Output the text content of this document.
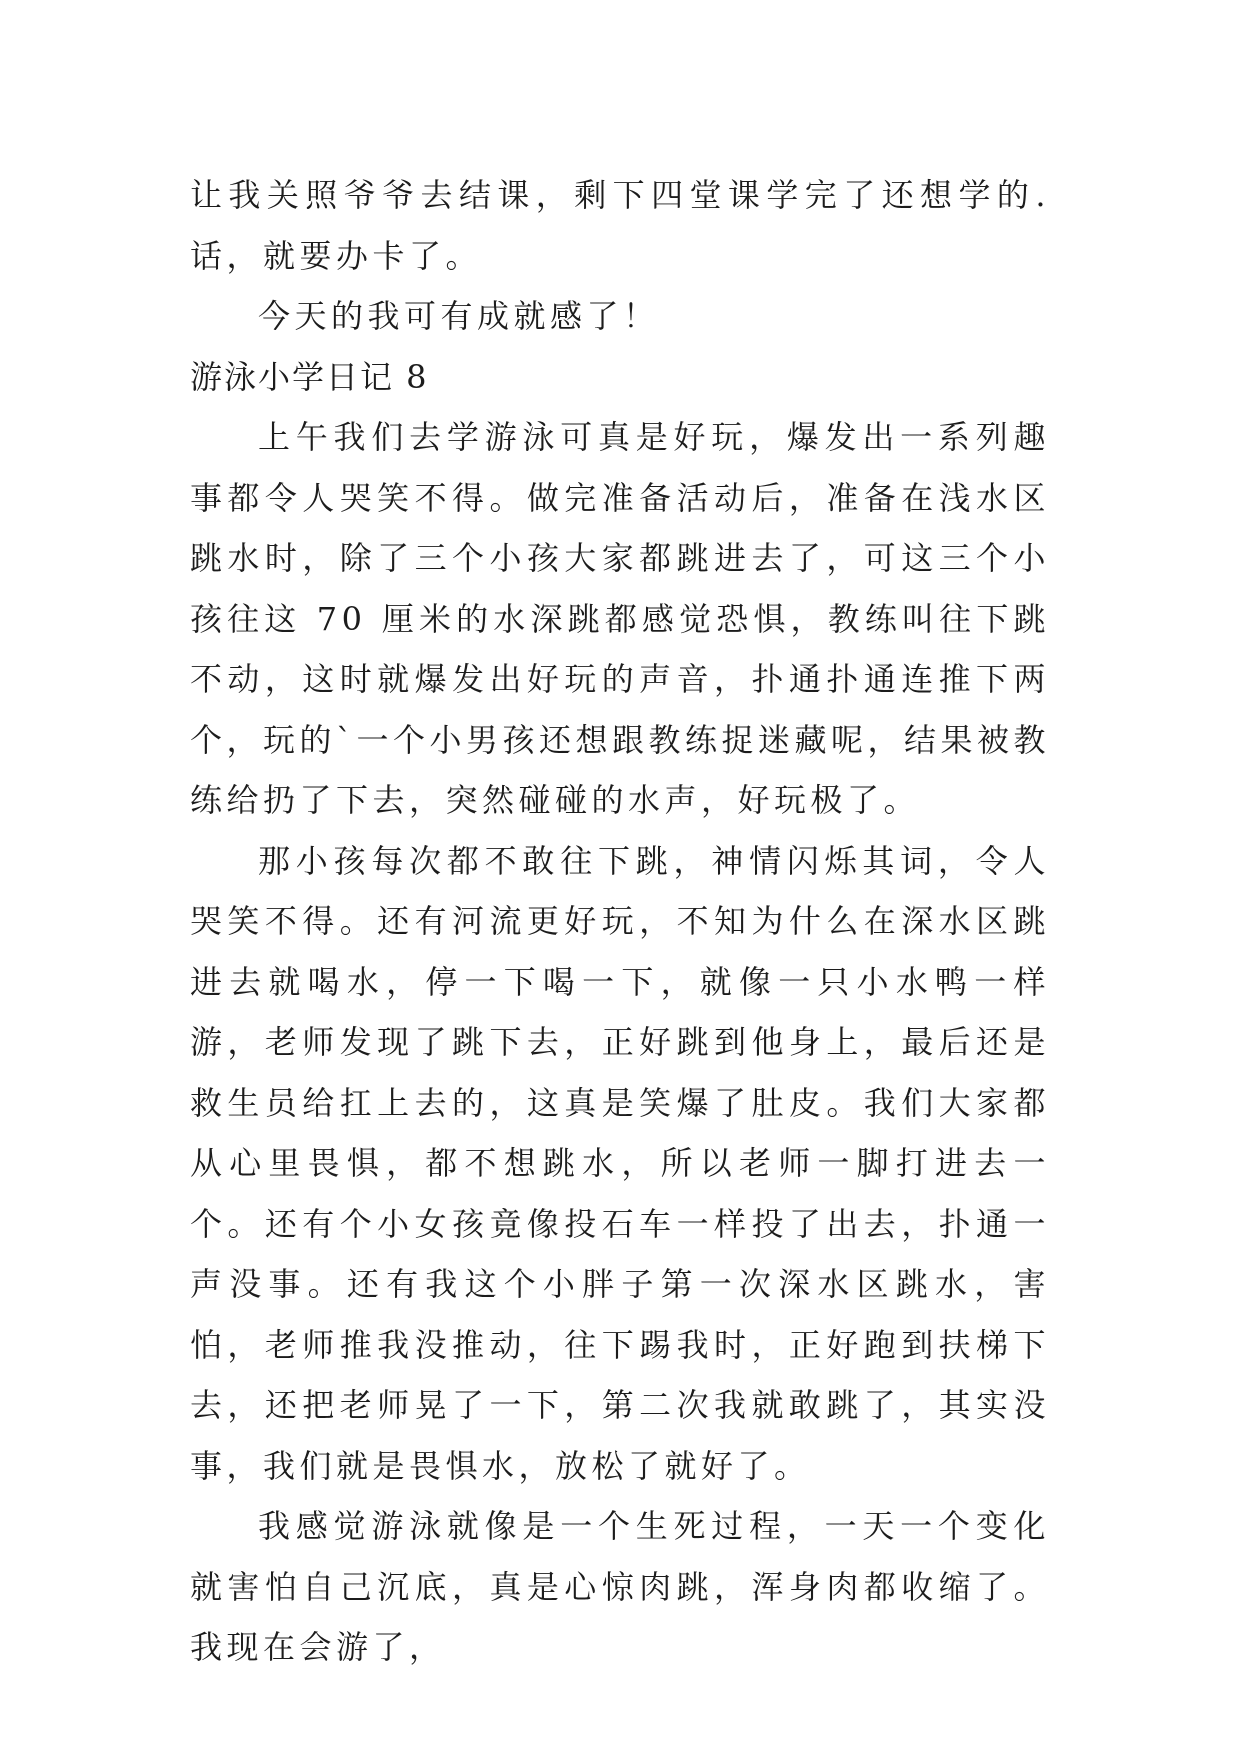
让我关照爷爷去结课，剩下四堂课学完了还想学的.话，就要办卡了。

今天的我可有成就感了！

游泳小学日记 8

上午我们去学游泳可真是好玩，爆发出一系列趣事都令人哭笑不得。做完准备活动后，准备在浅水区跳水时，除了三个小孩大家都跳进去了，可这三个小孩往这 70 厘米的水深跳都感觉恐惧，教练叫往下跳不动，这时就爆发出好玩的声音，扑通扑通连推下两个，玩的`一个小男孩还想跟教练捉迷藏呢，结果被教练给扔了下去，突然碰碰的水声，好玩极了。

那小孩每次都不敢往下跳，神情闪烁其词，令人哭笑不得。还有河流更好玩，不知为什么在深水区跳进去就喝水，停一下喝一下，就像一只小水鸭一样游，老师发现了跳下去，正好跳到他身上，最后还是救生员给扛上去的，这真是笑爆了肚皮。我们大家都从心里畏惧，都不想跳水，所以老师一脚打进去一个。还有个小女孩竟像投石车一样投了出去，扑通一声没事。还有我这个小胖子第一次深水区跳水，害怕，老师推我没推动，往下踢我时，正好跑到扶梯下去，还把老师晃了一下，第二次我就敢跳了，其实没事，我们就是畏惧水，放松了就好了。

我感觉游泳就像是一个生死过程，一天一个变化就害怕自己沉底，真是心惊肉跳，浑身肉都收缩了。我现在会游了，
